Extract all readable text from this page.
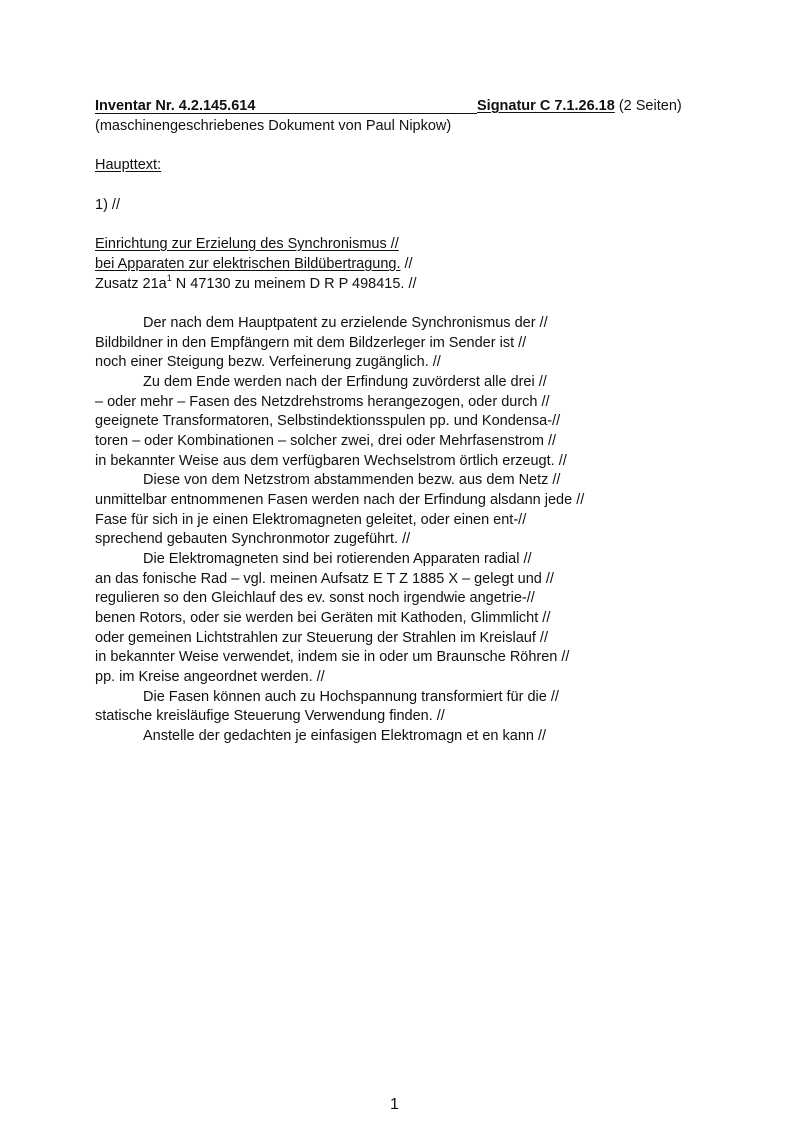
Inventar Nr. 4.2.145.614	Signatur C 7.1.26.18 (2 Seiten)
(maschinengeschriebenes Dokument von Paul Nipkow)
Haupttext:
1) //
Einrichtung zur Erzielung des Synchronismus //
bei Apparaten zur elektrischen Bildübertragung. //
Zusatz $21a^1$ N 47130 zu meinem D R P 498415. //
Der nach dem Hauptpatent zu erzielende Synchronismus der //
Bildbildner in den Empfängern mit dem Bildzerleger im Sender ist //
noch einer Steigung bezw. Verfeinerung zugänglich. //
Zu dem Ende werden nach der Erfindung zuvörderst alle drei //
– oder mehr – Fasen des Netzdrehstroms herangezogen, oder durch //
geeignete Transformatoren, Selbstindektionsspulen pp. und Kondensa-//
toren – oder Kombinationen – solcher zwei, drei oder Mehrfasenstrom //
in bekannter Weise aus dem verfügbaren Wechselstrom örtlich erzeugt. //
Diese von dem Netzstrom abstammenden bezw. aus dem Netz //
unmittelbar entnommenen Fasen werden nach der Erfindung alsdann jede //
Fase für sich in je einen Elektromagneten geleitet, oder einen ent-//
sprechend gebauten Synchronmotor zugeführt. //
Die Elektromagneten sind bei rotierenden Apparaten radial //
an das fonische Rad – vgl. meinen Aufsatz E T Z 1885 X – gelegt und //
regulieren so den Gleichlauf des ev. sonst noch irgendwie angetrie-//
benen Rotors, oder sie werden bei Geräten mit Kathoden, Glimmlicht //
oder gemeinen Lichtstrahlen zur Steuerung der Strahlen im Kreislauf //
in bekannter Weise verwendet, indem sie in oder um Braunsche Röhren //
pp. im Kreise angeordnet werden. //
Die Fasen können auch zu Hochspannung transformiert für die //
statische kreisläufige Steuerung Verwendung finden. //
Anstelle der gedachten je einfasigen Elektromagn et en kann //
1
